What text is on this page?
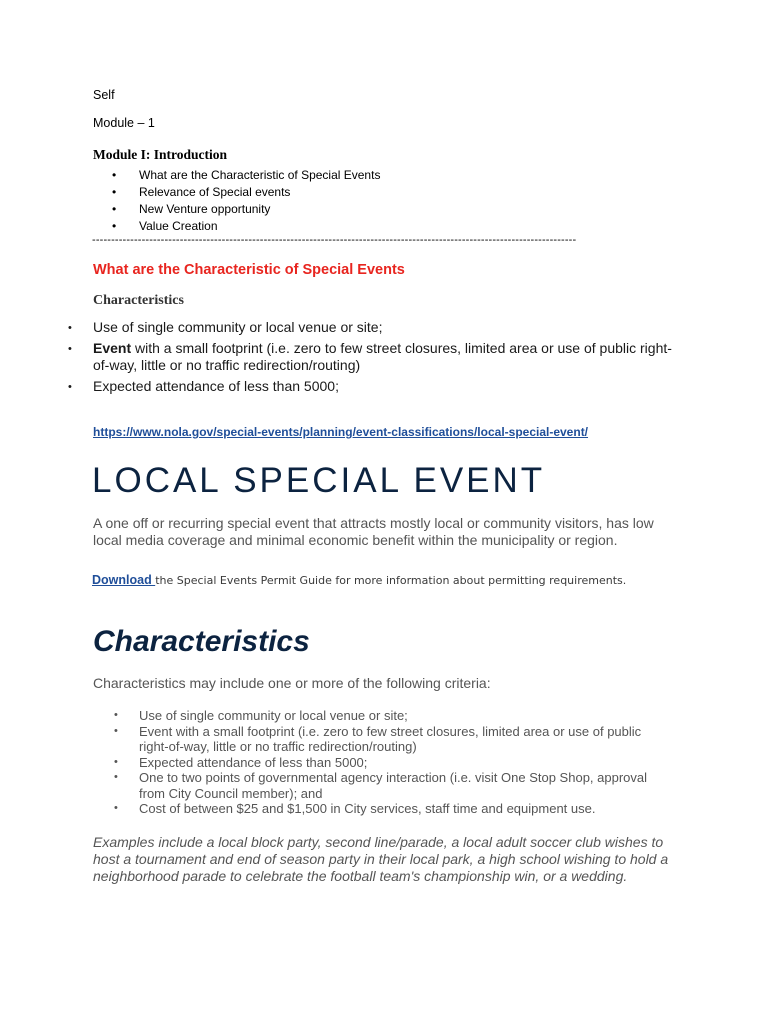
Self
Module – 1
Module I: Introduction
• What are the Characteristic of Special Events
• Relevance of Special events
• New Venture opportunity
• Value Creation
-------------------------------------------------------------------------------------------------------------------------------
What are the Characteristic of Special Events
Characteristics
• Use of single community or local venue or site;
• Event with a small footprint (i.e. zero to few street closures, limited area or use of public right-of-way, little or no traffic redirection/routing)
• Expected attendance of less than 5000;
https://www.nola.gov/special-events/planning/event-classifications/local-special-event/
LOCAL SPECIAL EVENT
A one off or recurring special event that attracts mostly local or community visitors, has low local media coverage and minimal economic benefit within the municipality or region.
Download the Special Events Permit Guide for more information about permitting requirements.
Characteristics
Characteristics may include one or more of the following criteria:
• Use of single community or local venue or site;
• Event with a small footprint (i.e. zero to few street closures, limited area or use of public right-of-way, little or no traffic redirection/routing)
• Expected attendance of less than 5000;
• One to two points of governmental agency interaction (i.e. visit One Stop Shop, approval from City Council member); and
• Cost of between $25 and $1,500 in City services, staff time and equipment use.
Examples include a local block party, second line/parade, a local adult soccer club wishes to host a tournament and end of season party in their local park, a high school wishing to hold a neighborhood parade to celebrate the football team's championship win, or a wedding.
